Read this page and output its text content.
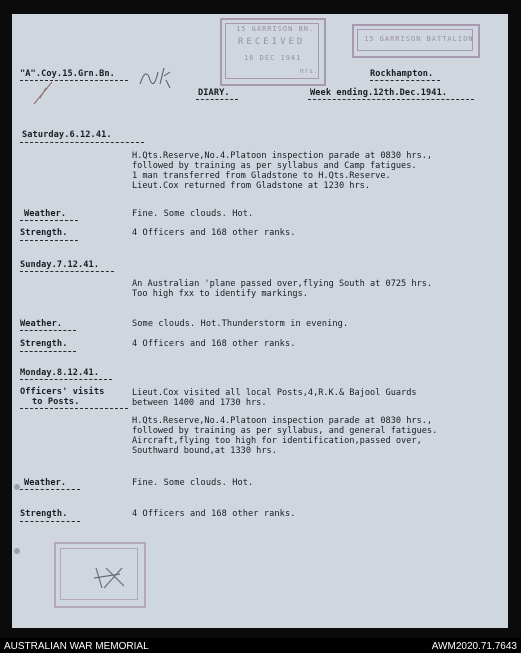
15 GARRISON BN.
RECEIVED
16 DEC 1941
Hrs.
15 GARRISON BATTALION
"A".Coy.15.Grn.Bn.	Rockhampton.
DIARY.	Week ending.12th.Dec.1941.
Saturday.6.12.41.
H.Qts.Reserve,No.4.Platoon inspection parade at 0830 hrs.,
followed by training as per syllabus and Camp fatigues.
1 man transferred from Gladstone to H.Qts.Reserve.
Lieut.Cox returned from Gladstone at 1230 hrs.
Weather.	Fine. Some clouds. Hot.
Strength.	4 Officers and 168 other ranks.
Sunday.7.12.41.
An Australian 'plane passed over,flying South at 0725 hrs.
Too high fxx to identify markings.
Weather.	Some clouds. Hot.Thunderstorm in evening.
Strength.	4 Officers and 168 other ranks.
Monday.8.12.41.
Officers' visits
to Posts.
Lieut.Cox visited all local Posts,4,R.K.& Bajool Guards
between 1400 and 1730 hrs.
H.Qts.Reserve,No.4.Platoon inspection parade at 0830 hrs.,
followed by training as per syllabus, and general fatigues.
Aircraft,flying too high for identification,passed over,
Southward bound,at 1330 hrs.
Weather.	Fine. Some clouds. Hot.
Strength.	4 Officers and 168 other ranks.
AUSTRALIAN WAR MEMORIAL	AWM2020.71.7643
